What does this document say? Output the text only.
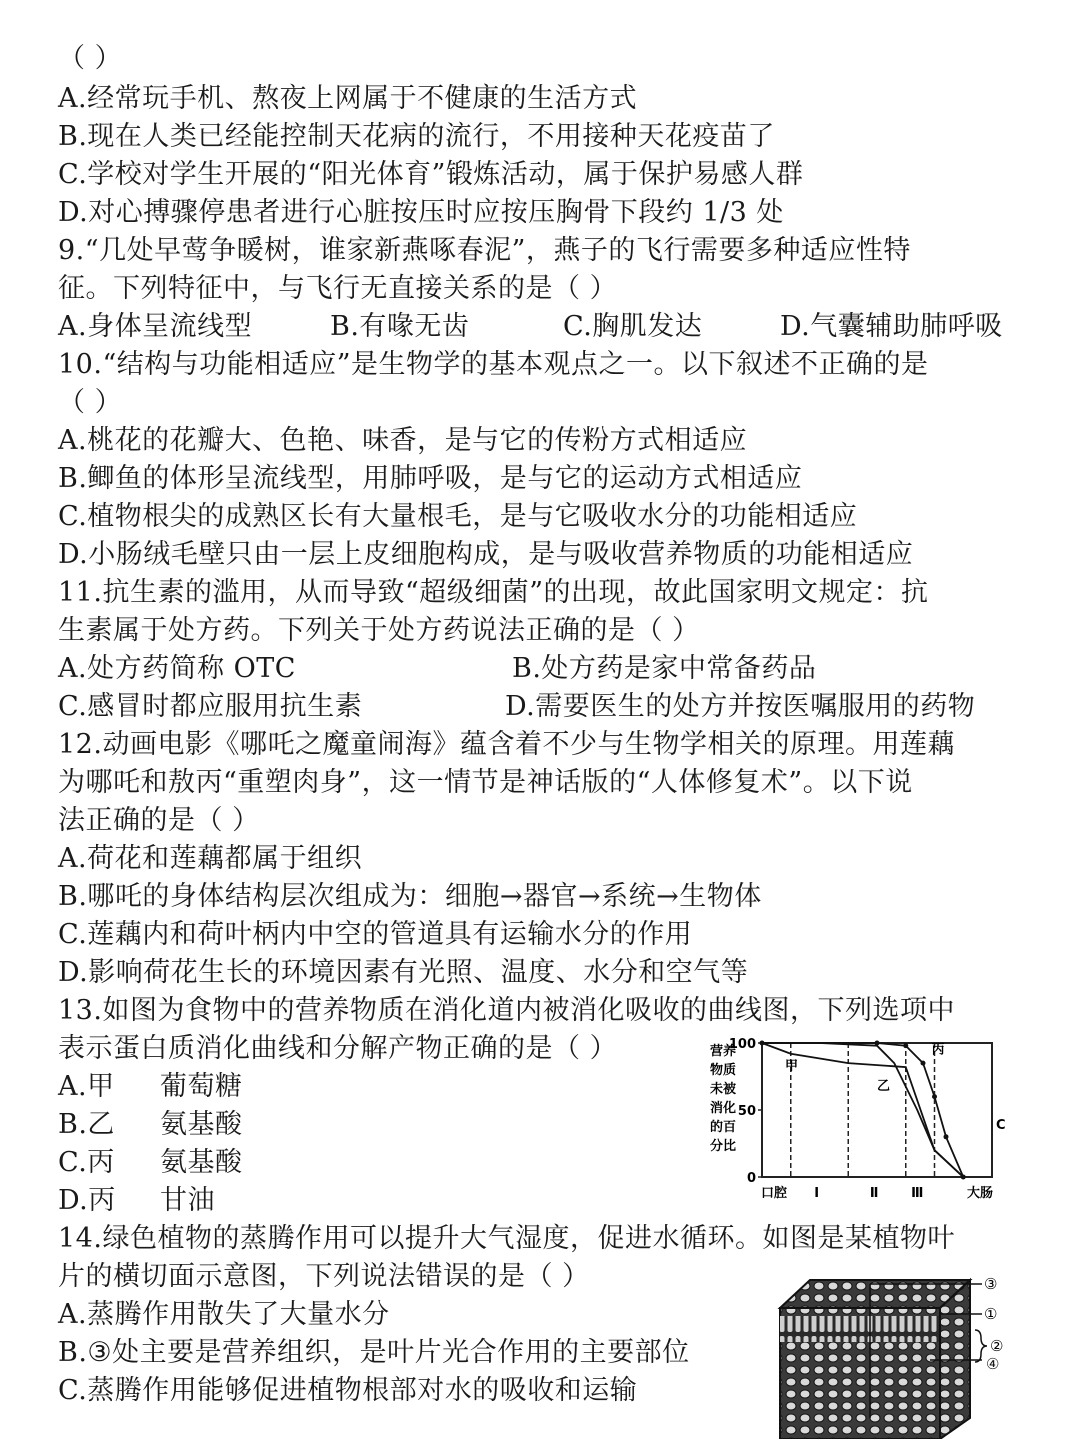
（ ）
A.经常玩手机、熬夜上网属于不健康的生活方式
B.现在人类已经能控制天花病的流行，不用接种天花疫苗了
C.学校对学生开展的“阳光体育”锻炼活动，属于保护易感人群
D.对心搏骤停患者进行心脏按压时应按压胸骨下段约 1/3 处
9.“几处早莺争暖树，谁家新燕啄春泥”，燕子的飞行需要多种适应性特
征。下列特征中，与飞行无直接关系的是（ ）
A.身体呈流线型	B.有喙无齿	C.胸肌发达	D.气囊辅助肺呼吸
10.“结构与功能相适应”是生物学的基本观点之一。以下叙述不正确的是
（ ）
A.桃花的花瓣大、色艳、味香，是与它的传粉方式相适应
B.鲫鱼的体形呈流线型，用肺呼吸，是与它的运动方式相适应
C.植物根尖的成熟区长有大量根毛，是与它吸收水分的功能相适应
D.小肠绒毛壁只由一层上皮细胞构成，是与吸收营养物质的功能相适应
11.抗生素的滥用，从而导致“超级细菌”的出现，故此国家明文规定：抗
生素属于处方药。下列关于处方药说法正确的是（ ）
A.处方药简称 OTC	B.处方药是家中常备药品
C.感冒时都应服用抗生素	D.需要医生的处方并按医嘱服用的药物
12.动画电影《哪吒之魔童闹海》蕴含着不少与生物学相关的原理。用莲藕
为哪吒和敖丙“重塑肉身”，这一情节是神话版的“人体修复术”。以下说
法正确的是（ ）
A.荷花和莲藕都属于组织
B.哪吒的身体结构层次组成为：细胞→器官→系统→生物体
C.莲藕内和荷叶柄内中空的管道具有运输水分的作用
D.影响荷花生长的环境因素有光照、温度、水分和空气等
13.如图为食物中的营养物质在消化道内被消化吸收的曲线图，下列选项中
表示蛋白质消化曲线和分解产物正确的是（ ）
A.甲 葡萄糖
B.乙 氨基酸
C.丙 氨基酸
D.丙 甘油
营养
物质
未被
消化
的百
分比
100
50
0
口腔 Ⅰ	Ⅱ	Ⅲ	大肠
甲
乙
丙
C
14.绿色植物的蒸腾作用可以提升大气湿度，促进水循环。如图是某植物叶
片的横切面示意图，下列说法错误的是（ ）
A.蒸腾作用散失了大量水分
B.③处主要是营养组织，是叶片光合作用的主要部位
C.蒸腾作用能够促进植物根部对水的吸收和运输
③
①
②
④
